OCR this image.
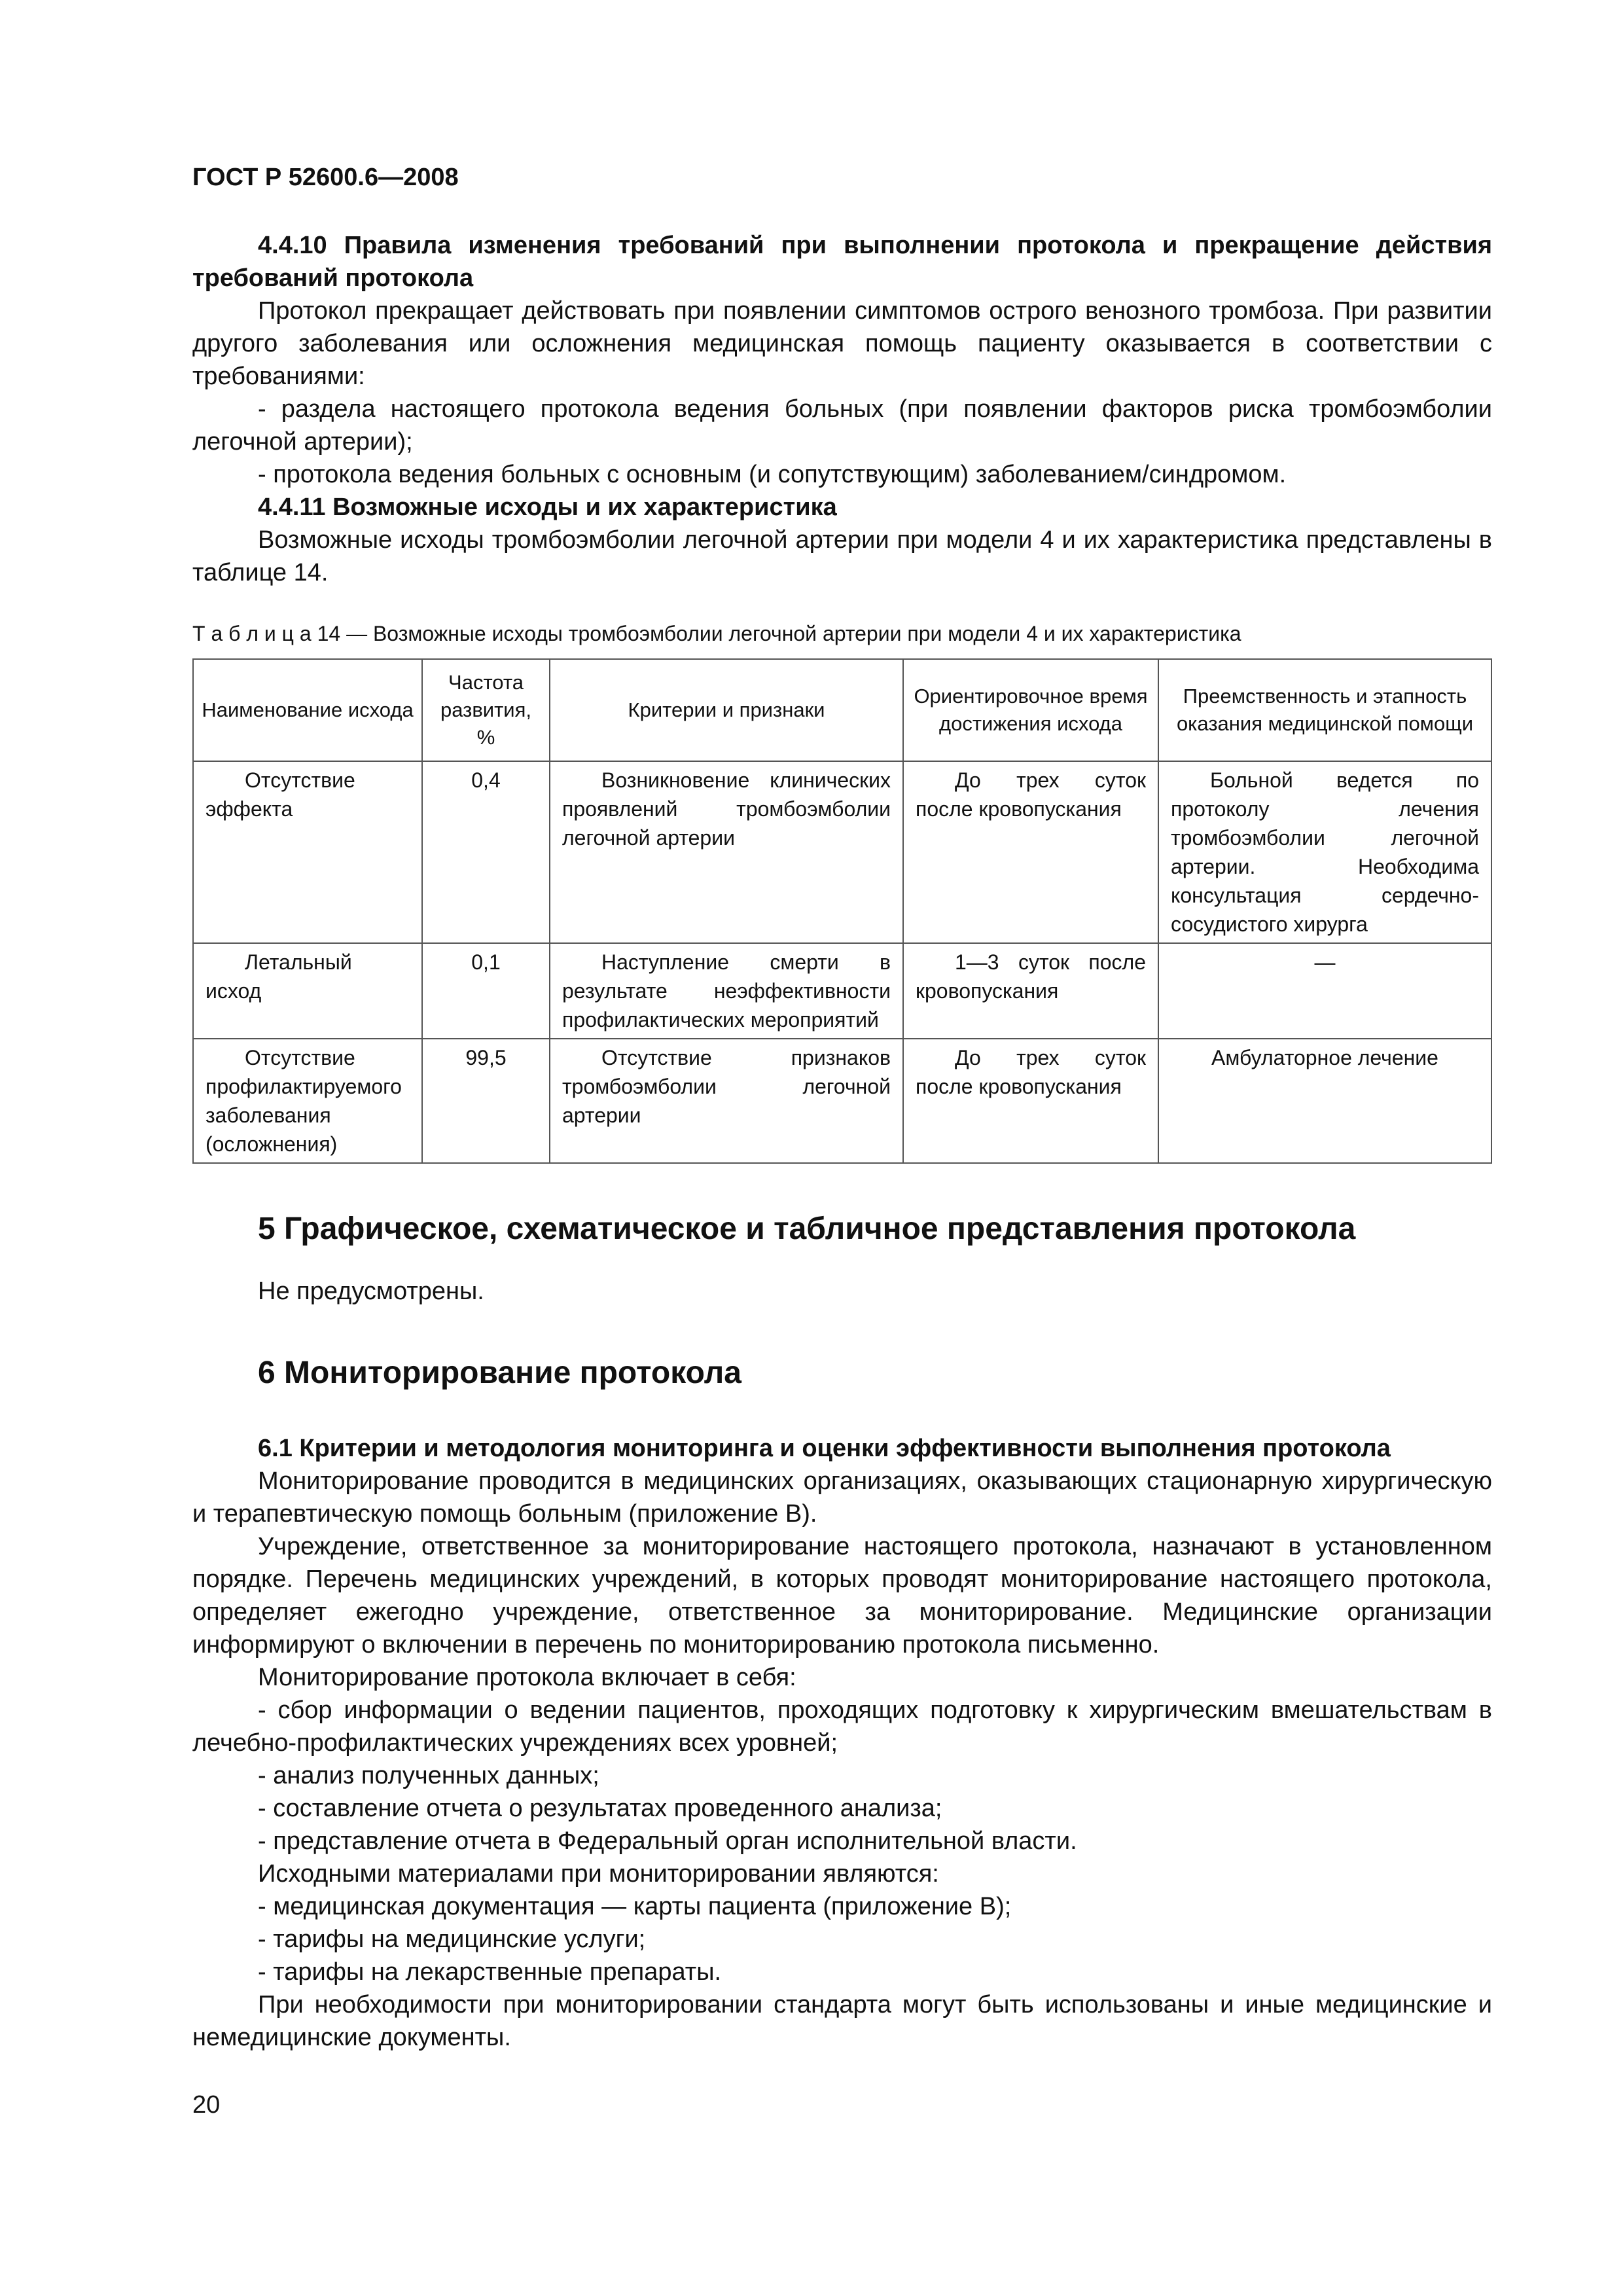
ГОСТ Р 52600.6—2008

4.4.10 Правила изменения требований при выполнении протокола и прекращение действия требований протокола

Протокол прекращает действовать при появлении симптомов острого венозного тромбоза. При развитии другого заболевания или осложнения медицинская помощь пациенту оказывается в соответствии с требованиями:

- раздела настоящего протокола ведения больных (при появлении факторов риска тромбоэмболии легочной артерии);

- протокола ведения больных с основным (и сопутствующим) заболеванием/синдромом.

4.4.11 Возможные исходы и их характеристика

Возможные исходы тромбоэмболии легочной артерии при модели 4 и их характеристика представлены в таблице 14.

Т а б л и ц а 14 — Возможные исходы тромбоэмболии легочной артерии при модели 4 и их характеристика
Наименование исхода	Частота развития, %	Критерии и признаки	Ориентировочное время достижения исхода	Преемственность и этапность оказания медицинской помощи
Отсутствие эффекта	0,4	Возникновение клинических проявлений тромбоэмболии легочной артерии	До трех суток после кровопускания	Больной ведется по протоколу лечения тромбоэмболии легочной артерии. Необходима консультация сердечно-сосудистого хирурга
Летальный исход	0,1	Наступление смерти в результате неэффективности профилактических мероприятий	1—3 суток после кровопускания	—
Отсутствие профилактируемого заболевания (осложнения)	99,5	Отсутствие признаков тромбоэмболии легочной артерии	До трех суток после кровопускания	Амбулаторное лечение
5 Графическое, схематическое и табличное представления протокола

Не предусмотрены.

6 Мониторирование протокола

6.1 Критерии и методология мониторинга и оценки эффективности выполнения протокола

Мониторирование проводится в медицинских организациях, оказывающих стационарную хирургическую и терапевтическую помощь больным (приложение В).

Учреждение, ответственное за мониторирование настоящего протокола, назначают в установленном порядке. Перечень медицинских учреждений, в которых проводят мониторирование настоящего протокола, определяет ежегодно учреждение, ответственное за мониторирование. Медицинские организации информируют о включении в перечень по мониторированию протокола письменно.

Мониторирование протокола включает в себя:

- сбор информации о ведении пациентов, проходящих подготовку к хирургическим вмешательствам в лечебно-профилактических учреждениях всех уровней;

- анализ полученных данных;

- составление отчета о результатах проведенного анализа;

- представление отчета в Федеральный орган исполнительной власти.

Исходными материалами при мониторировании являются:

- медицинская документация — карты пациента (приложение В);

- тарифы на медицинские услуги;

- тарифы на лекарственные препараты.

При необходимости при мониторировании стандарта могут быть использованы и иные медицинские и немедицинские документы.

20
